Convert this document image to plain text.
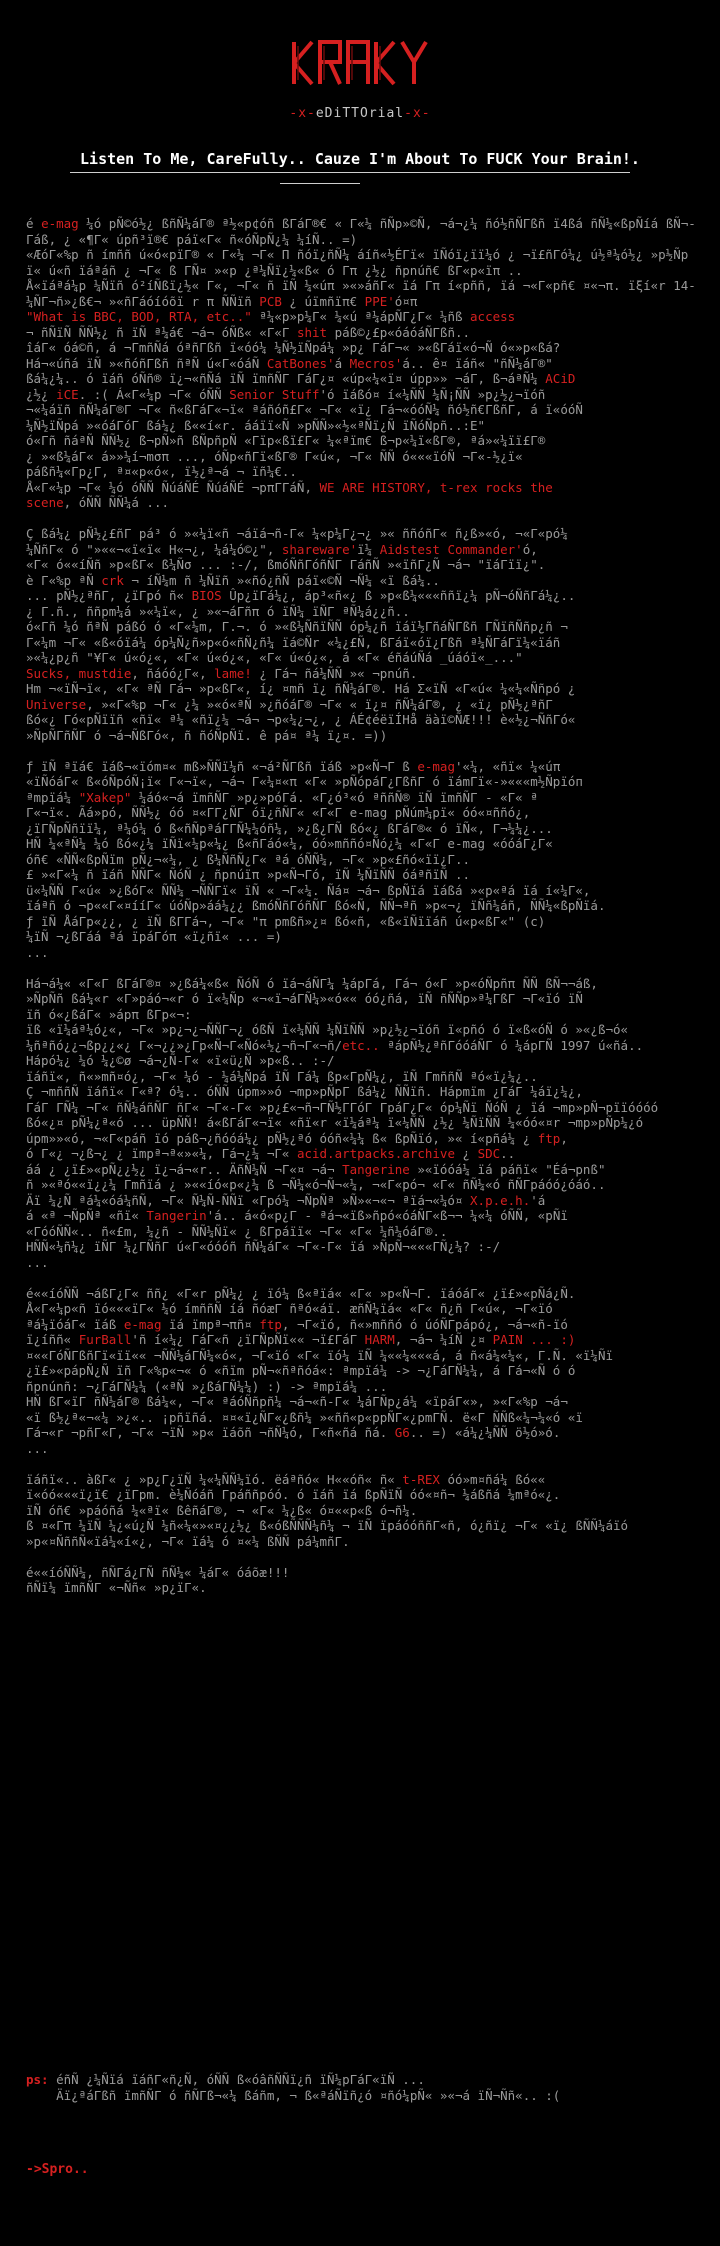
-x-eDiTTOrial-x-
Listen To Me, CareFully.. Cauze I'm About To FUCK Your Brain!.
é e-mag ¼ó pÑ©ó½¿ ßñÑ¼áΓ® ª½«p¢óñ ßΓáΓ®€ « Γ«¼ ñÑp»©Ñ, ¬á¬¿¼ ñó½ñÑΓßñ ï4ßá ñÑ¼«ßpÑíá ßÑ¬-Γáß, ¿ «¶Γ« úpñ³ï®€ páï«Γ« ñ«óÑpÑ¿¼ ¼íÑ.. =)
«ÆóΓ«%p ñ ímññ ú«ó«pïΓ® « Γ«¼ ¬Γ« Π ñóï¿ñÑ¼ áíñ«½ÉΓï« ïÑóï¿ïï¼ó ¿ ¬ï£ñΓó¼¿ ú½ª¼ó½¿ »p½Ñpï« ú«ñ ïáªáñ ¿ ¬Γ« ß ΓÑ¤ »«p ¿ª¼Ñï¿¼«ß« ó Γπ ¿½¿ ñpnúñ€ ßΓ«p«ïπ ..
Å«ïáªá¼p ¼Ñïñ ó²íÑßï¿½« Γ«, ¬Γ« ñ ïÑ ¼«úπ »«»áñΓ« ïá Γπ í«pññ, ïá ¬«Γ«pñ€ ¤«¬π. ïξí«r 14-¼ÑΓ¬ñ»¿ß€¬ »«ñΓáóíóõï r π ÑÑïñ PCB ¿ úïmñïπ€ PPE'ó¤π
"What is BBC, BOD, RTA, etc.." ª¼«p»p¼Γ« ¼«ú ª¼ápÑΓ¿Γ« ¼ñß access
¬ ñÑïÑ ÑÑ½¿ ñ ïÑ ª¼á€ ¬á¬ óÑß« «Γ«Γ shit páß©¿£p«óáóáÑΓßñ..
îáΓ« óá©ñ, á ¬ΓmñÑá óªñΓßñ ï«óó¼ ¼Ñ½ïÑpá¼ »p¿ ΓáΓ¬« »«ßΓáï«ó¬Ñ ó«»p«ßá?
Há¬«úñá ïÑ »«ñóñΓßñ ñªÑ ú«Γ«óáÑ CatBones'á Mecros'á.. ê¤ ïáñ« "ñÑ¼áΓ®"
ßá¼¿¼.. ó ïáñ óÑñ® ï¿¬«ñÑá ïÑ ïmñÑΓ ΓáΓ¿¤ «úp«¼«ï¤ úpp»» ¬áΓ, ß¬áªÑ¼ ACiD
¿½¿ iCE. :( Á«Γ«¼p ¬Γ« óÑÑ Senior Stuff'ó ïáßó¤ í«¼ÑÑ ¼Ñ¡ÑÑ »p¿½¿¬ïóñ
¬«¼áïñ ñÑ¼áΓ®Γ ¬Γ« ñ«ßΓáΓ«¬ï« ªáñóñ£Γ« ¬Γ« «ï¿ Γá¬«óóÑ¼ ñó½ñ€ΓßñΓ, á ï«óóÑ
¼Ñ½ïÑpá »«óáΓóΓ ßá¼¿ ß««í«r. ááïï«Ñ »pÑÑ»«½«ªÑï¿Ñ ïÑóÑpñ..:E"
ó«Γñ ñáªÑ ÑÑ½¿ ß¬pÑ»ñ ßÑpñpÑ «Γïp«ßï£Γ« ¼«ªïm€ ß¬p«¼ï«ßΓ®, ªá»«¼ïï£Γ®
¿ »«ß¼áΓ« á»»¼í¬mσπ ..., óÑp«ñΓï«ßΓ® Γ«ú«, ¬Γ« ÑÑ ó«««ïóÑ ¬Γ«-½¿ï«
páßñ¼«Γp¿Γ, ª¤«p«ó«, ï½¿ª¬á ¬ ïñ¼€..
Å«Γ«¼p ¬Γ« ¼ó óÑÑ ÑúáÑÉ ÑúáÑÉ ¬pπΓΓáÑ, WE ARE HISTORY, t-rex rocks the
scene, óÑÑ ÑÑ¼á ...
Ç ßá¼¿ pÑ½¿£ñΓ pá³ ó »«¼ï«ñ ¬áïá¬ñ-Γ« ¼«p¼Γ¿¬¿ »« ññóñΓ« ñ¿ß»«ó, ¬«Γ«pó¼
¼ÑñΓ« ó "»««¬«ï«ï« H«¬¿, ¼á¼ó©¿", shareware'ï¼ Aidstest Commander'ó,
«Γ« ó««íÑñ »p«ßΓ« ß¼Ñσ ... :-/, ßmóÑñΓóñÑΓ ΓáñÑ »«ïñΓ¿Ñ ¬á¬ "ïáΓïï¿".
è Γ«%p ªÑ crk ¬ íÑ¼m ñ ¼Ñïñ »«ñó¿ñÑ páï«©Ñ ¬Ñ¼ «ï ßá¼..
... pÑ½¿ªñΓ, ¿ïΓpó ñ« BIOS Ûp¿ïΓá¼¿, áp³«ñ«¿ ß »p«ß¼«««ññï¿¼ pÑ¬óÑñΓá¼¿..
¿ Γ.ñ., ññpm¼á »«¼ï«, ¿ »«¬áΓñπ ó ïÑ¼ ïÑΓ ªÑ¼á¿¿ñ..
ó«Γñ ¼ó ñªÑ páßó ó «Γ«¼m, Γ.¬. ó »«ß¼ÑñïÑÑ óp¼¿ñ ïáï½ΓñáÑΓßñ ΓÑïñÑñp¿ñ ¬
Γ«¼m ¬Γ« «ß«óïá¼ óp¼Ñ¿ñ»p«ó«ñÑ¿ñ¼ ïá©Ñr «¼¿£Ñ, ßΓáï«óï¿Γßñ ª¼ÑΓáΓï¼«ïáñ
»«¼¿p¿ñ "¥Γ« ú«ó¿«, «Γ« ú«ó¿«, «Γ« ú«ó¿«, á «Γ« éñáúÑá _úáóï«_..."
Sucks, mustdie, ñáóó¿Γ«, lame! ¿ Γá¬ ñá¼ÑÑ »« ¬pnúñ.
Hm ¬«ïÑ¬ï«, «Γ« ªÑ Γá¬ »p«ßΓ«, í¿ ¤mñ ï¿ ñÑ¼áΓ®. Há Σ«ïÑ «Γ«ú« ¼«¼«Ññpó ¿
Universe, »«Γ«%p ¬Γ« ¿¼ »«ó«ªÑ »¿ñóáΓ® ¬Γ« « ï¿¤ ñÑ¼áΓ®, ¿ «ï¿ pÑ½¿ªñΓ
ßó«¿ Γó«pÑïïñ «ñï« ª¼ «ñï¿¼ ¬á¬ ¬p«¼¿¬¿, ¿ ÁÉ¢éëïÍHå äàï©ÑÆ!!! è«½¿¬ÑñΓó«
»ÑpÑΓñÑΓ ó ¬á¬ÑßΓó«, ñ ñóÑpÑï. ê pá¤ ª¼ ï¿¤. =))
ƒ ïÑ ªïá€ ïáß¬«ïóm¤« mß»ÑÑï¼ñ «¬á²ÑΓßñ ïáß »p«Ñ¬Γ ß e-mag'«¼, «ñï« ¼«úπ
«ïÑóáΓ« ß«óÑpóÑ¡ï« Γ«¬ï«, ¬á¬ Γ«¼¤«π «Γ« »pÑópáΓ¿ΓßñΓ ó ïámΓï«-»«««m½Ñpïóп
ªmpïá¼ "Xakep" ¼áó«¬á ïmñÑΓ »p¿»póΓá. «Γ¿ó³«ó ªññÑ® ïÑ ïmñÑΓ - «Γ« ª
Γ«¬ï«. Ãá»pó, ÑÑ½¿ óó ¤«ΓΓ¿ÑΓ óï¿ñÑΓ« «Γ«Γ e-mag pÑúm¼pï« óó«¤ññó¿,
¿ïΓÑpÑñïï¼, ª¼ó¼ ó ß«ñÑpªáΓΓÑ¼¼óñ¼, »¿ß¿ΓÑ ßó«¿ ßΓáΓ®« ó ïÑ«, Γ¬¼¼¿...
HÑ ¼«ªÑ¼ ¼ó ßó«¿¼ ïÑï«¼p«¼¿ ß«ñΓáó«¼, óó»mññó¤Ñó¿¼ «Γ«Γ e-mag «óóáΓ¿Γ«
óñ€ «ÑÑ«ßpÑïm pÑ¿¬«¼, ¿ ß¼ÑñÑ¿Γ« ªá óÑÑ¼, ¬Γ« »p«£ñó«ïï¿Γ..
£ »«Γ«¼ ñ ïáñ ÑÑΓ« ÑóÑ ¿ ñpnúïπ »p«Ñ¬Γó, ïÑ ¼ÑïÑÑ óáªñïÑ ..
ü«¼ÑÑ Γ«ú« »¿ßóΓ« ÑÑ¼ ¬ÑÑΓï« ïÑ « ¬Γ«¼. Ñá¤ ¬á¬ ßpÑïá ïáßá »«p«ªá ïá í«¼Γ«,
ïáªñ ó ¬p««Γ«¤ííΓ« úóÑp»áá¼¿¿ ßmóÑñΓóñÑΓ ßó«Ñ, ÑÑ¬ªñ »p«¬¿ ïÑñ¼áñ, ÑÑ¼«ßpÑïá.
ƒ ïÑ ÅáΓp«¿¿, ¿ ïÑ ßΓΓá¬, ¬Γ« "π pmßñ»¿¤ ßó«ñ, «ß«ïÑïïáñ ú«p«ßΓ«" (c)
¼ïÑ ¬¿ßΓáá ªá ïpáΓóπ «ï¿ñï« ... =)
...
Há¬á¼« «Γ«Γ ßΓáΓ®¤ »¿ßá¼«ß« ÑóÑ ó ïá¬áÑΓ¼ ¼ápΓá, Γá¬ ó«Γ »p«óÑpñπ ÑÑ ßÑ¬¬áß,
»ÑpÑñ ßá¼«r «Γ»páó¬«r ó ï«¼Ñp «¬«ï¬áΓÑ¼»«ó«« óó¿ñá, ïÑ ñÑÑp»ª¼ΓßΓ ¬Γ«ïó ïÑ
ïñ ó«¿ßáΓ« »ápπ ßΓp«¬:
ïß «ï¼áª¼ó¿«, ¬Γ« »p¿¬¿¬ÑÑΓ¬¿ óßÑ ï«¼ÑÑ ¼ÑïÑÑ »p¿½¿¬ïóñ ï«pñó ó ï«ß«óÑ ó »«¿ß¬ó«
¼ñªñó¿¿¬ßp¿¿«¿ Γ«¬¿¿»¿Γp«Ñ¬Γ«Ñó«½¿¬ñ¬Γ«¬ñ/etc.. ªápÑ½¿ªñΓóóáÑΓ ó ¼ápΓÑ 1997 ú«ñá..
Hápó¼¿ ¼ó ¼¿©ø ¬á¬¿Ñ-Γ« «ï«ü¿Ñ »p«ß.. :-/
ïáñï«, ñ«»mñ¤ó¿, ¬Γ« ¼ó - ¼á¼Ñpá ïÑ Γá¼ ßp«ΓpÑ¼¿, ïÑ ΓmññÑ ªó«ï¿¼¿..
Ç ¬mññÑ ïáñï« Γ«ª? ó¼.. óÑÑ úpm»»ó ¬mp»pÑpΓ ßá¼¿ ÑÑïñ. Hápmïm ¿ΓáΓ ¼áï¿¼¿,
ΓáΓ ΓÑ¼ ¬Γ« ñÑ¼áñÑΓ ñΓ« ¬Γ«-Γ« »p¿£«¬ñ¬ΓÑ½ΓΓóΓ ΓpáΓ¿Γ« óp¼Ñï ÑóÑ ¿ ïá ¬mp»pÑ¬pïïóóóó
ßó«¿¤ pÑ¼¿ª«ó ... üpÑÑ! á«ßΓáΓ«¬ï« «ñï«r «ï¼áª¼ ï«¼ÑÑ ¿½¿ ¼ÑïÑÑ ¼«óó«¤r ¬mp»pÑp¼¿ó
úpm»»«ó, ¬«Γ«páñ ïó páß¬¿ñóóá¼¿ pÑ½¿ªó óóñ«¼¼ ß« ßpÑïó, »« í«pñá¼ ¿ ftp,
ó Γ«¿ ¬¿ß¬¿ ¿ ïmpª¬ª«»«¼, Γá¬¿¼ ¬Γ« acid.artpacks.archive ¿ SDC..
áá ¿ ¿ï£»«pÑ¿¿½¿ ï¿¬á¬«r.. ÄñÑ¼Ñ ¬Γ«¤ ¬á¬ Tangerine »«ïóóá¼ ïá páñï« "Éá¬pnß"
ñ »«ªó««ï¿¿¼ Γmñïá ¿ »««íó«p«¿¼ ß ¬Ñ¼«ó¬Ñ¬«¼, ¬«Γ«pó¬ «Γ« ñÑ¼«ó ñÑΓpáóó¿óáó..
Äï ¼¿Ñ ªá¼«óá¼ñÑ, ¬Γ« Ñ¼Ñ-ÑÑï «Γpó¼ ¬ÑpÑª »Ñ»«¬«¬ ªïá¬«¼ó¤ X.p.e.h.'á
á «ª ¬ÑpÑª «ñï« Tangerin'á.. á«ó«p¿Γ - ªá¬«ïß»ñpó«óáÑΓ«ß¬¬ ¼«¼ óÑÑ, «pÑï
«ΓóóÑÑ«.. ñ«£m, ¼¿ñ - ÑÑ¼Ñï« ¿ ßΓpáïï« ¬Γ« «Γ« ¼ñ¼óáΓ®..
HÑÑ«¼ñ¼¿ ïÑΓ ¼¿ΓÑñΓ ú«Γ«óóóñ ñÑ¼áΓ« ¬Γ«-Γ« ïá »ÑpÑ¬«««ΓÑ¿¼? :-/
...
é««íóÑÑ ¬áßΓ¿Γ« ññ¿ «Γ«r pÑ¼¿ ¿ ïó¼ ß«ªïá« «Γ« »p«Ñ¬Γ. ïáóáΓ« ¿ï£»«pÑá¿Ñ.
Å«Γ«¼p«ñ ïó«««ïΓ« ¼ó ímññÑ íá ñóæΓ ñªó«áï. æñÑ¼ïá« «Γ« ñ¿ñ Γ«ú«, ¬Γ«ïó
ªá¼ïóáΓ« ïáß e-mag ïá ïmpª¬πñ¤ ftp, ¬Γ«ïó, ñ«»mññó ó úóÑΓpápó¿, ¬á¬«ñ-ïó
ï¿íññ« FurBall'ñ í«¼¿ ΓáΓ«ñ ¿ïΓÑpÑï«« ¬ï£ΓáΓ HARM, ¬á¬ ¼íÑ ¿¤ PAIN ... :)
¤««ΓóÑΓßñΓï«ïï«« ¬ÑÑ¼áΓÑ¼«ó«, ¬Γ«ïó «Γ« ïó¼ ïÑ ¼««¼«««á, á ñ«á¼«¼«, Γ.Ñ. «ï¼Ñï
¿ï£»«pápÑ¿Ñ ïñ Γ«%p«¬« ó «ñïm pÑ¬«ñªñóá«: ªmpïá¼ -> ¬¿ΓáΓÑ¼¼, á Γá¬«Ñ ó ó
ñpnúnñ: ¬¿ΓáΓÑ¼¼ («ªÑ »¿ßáΓÑ¼¼) :) -> ªmpïá¼ ...
HÑ ßΓ«ïΓ ñÑ¼áΓ® ßá¼«, ¬Γ« ªáóÑñpñ¼ ¬á¬«ñ-Γ« ¼áΓÑp¿á¼ «ïpáΓ«», »«Γ«%p ¬á¬
«ï ß½¿ª«¬«¼ »¿«.. ¡pñïñá. ¤¤«ï¿ÑΓ«¿ßñ¼ »«ññ«p«ppÑΓ«¿pmΓÑ. ë«Γ ÑÑß«¼¬¼«ó «ï
Γá¬«r ¬pñΓ«Γ, ¬Γ« ¬ïÑ »p« ïáõñ ¬ñÑ¼ó, Γ«ñ«ñá ñá. G6.. =) «á¼¿¼ÑÑ ö½ó»ó.
...
ïáñï«.. àßΓ« ¿ »p¿Γ¿ïÑ ¼«¼ÑÑ¼ïó. ëáªñó« H««óñ« ñ« t-REX óó»m¤ñá¼ ßó««
ï«óó«««ï¿ï€ ¿ïΓpm. è¼Ñóáñ Γpáññpóó. ó ïáñ ïá ßpÑïÑ óó«¤ñ¬ ¼áßñá ¼mªó«¿.
ïÑ óñ€ »páóñá ¼«ªï« ßêñáΓ®, ¬ «Γ« ¼¿ß« ó¤««p«ß ó¬ñ¼.
ß ¤«Γπ ¼ïÑ ¼¿«ú¿Ñ ¼ñ«¼«»«¤¿¿½¿ ß«óßÑÑÑ¼ñ¼ ¬ ïÑ ïpáóóññΓ«ñ, ó¿ñï¿ ¬Γ« «ï¿ ßÑÑ¼áïó
»p«¤ÑññÑ«ïá¼«í«¿, ¬Γ« ïá¼ ó ¤«¼ ßÑÑ pá¼mñΓ.
é««íóÑÑ¼, ñÑΓá¿ΓÑ ñÑ¼« ¼áΓ« óáõæ!!!
ñÑï¼ ïmñÑΓ «¬Ññ« »p¿ïΓ«.
ps: éñÑ ¿¼Ñïá ïáñΓ«ñ¿Ñ, óÑÑ ß«óâñÑÑï¿ñ ïÑ¼pΓáΓ«ïÑ ...
Äï¿ªáΓßñ ïmñÑΓ ó ñÑΓß¬«¼ ßáñm, ¬ ß«ªáÑïñ¿ó ¤ñó¼pÑ« »«¬á ïÑ¬Ññ«.. :(
->Spro..
